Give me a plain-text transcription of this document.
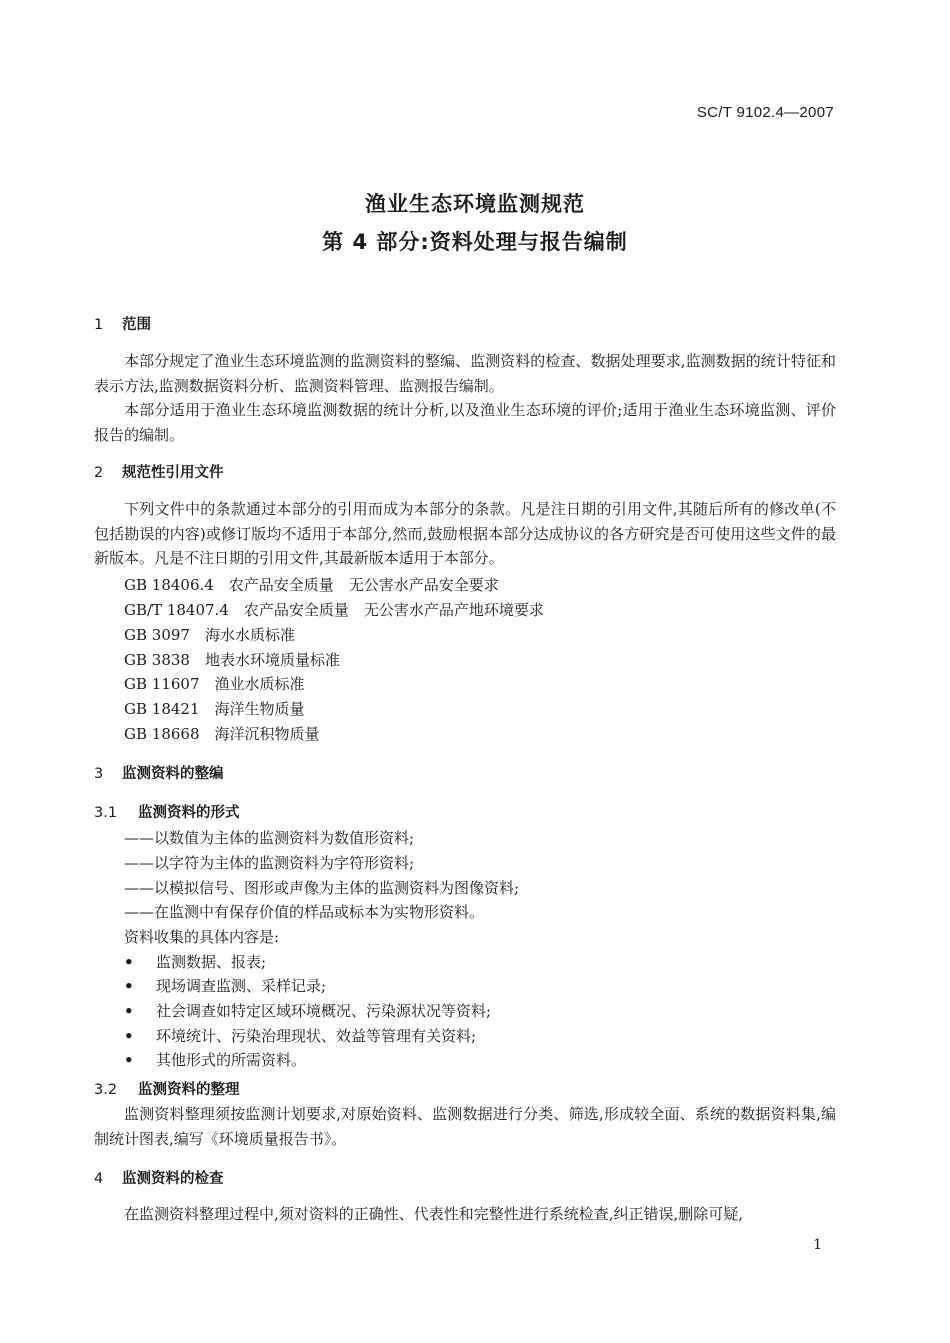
SC/T 9102.4—2007
渔业生态环境监测规范
第 4 部分:资料处理与报告编制
1 范围

本部分规定了渔业生态环境监测的监测资料的整编、监测资料的检查、数据处理要求,监测数据的统计特征和表示方法,监测数据资料分析、监测资料管理、监测报告编制。

本部分适用于渔业生态环境监测数据的统计分析,以及渔业生态环境的评价;适用于渔业生态环境监测、评价报告的编制。

2 规范性引用文件

下列文件中的条款通过本部分的引用而成为本部分的条款。凡是注日期的引用文件,其随后所有的修改单(不包括勘误的内容)或修订版均不适用于本部分,然而,鼓励根据本部分达成协议的各方研究是否可使用这些文件的最新版本。凡是不注日期的引用文件,其最新版本适用于本部分。

GB 18406.4　农产品安全质量　无公害水产品安全要求
GB/T 18407.4　农产品安全质量　无公害水产品产地环境要求
GB 3097　海水水质标准
GB 3838　地表水环境质量标准
GB 11607　渔业水质标准
GB 18421　海洋生物质量
GB 18668　海洋沉积物质量
3 监测资料的整编
3.1 监测资料的形式
——以数值为主体的监测资料为数值形资料;
——以字符为主体的监测资料为字符形资料;
——以模拟信号、图形或声像为主体的监测资料为图像资料;
——在监测中有保存价值的样品或标本为实物形资料。
资料收集的具体内容是:
• 监测数据、报表;
• 现场调查监测、采样记录;
• 社会调查如特定区域环境概况、污染源状况等资料;
• 环境统计、污染治理现状、效益等管理有关资料;
• 其他形式的所需资料。
3.2 监测资料的整理

监测资料整理须按监测计划要求,对原始资料、监测数据进行分类、筛选,形成较全面、系统的数据资料集,编制统计图表,编写《环境质量报告书》。

4 监测资料的检查

在监测资料整理过程中,须对资料的正确性、代表性和完整性进行系统检查,纠正错误,删除可疑,

1
